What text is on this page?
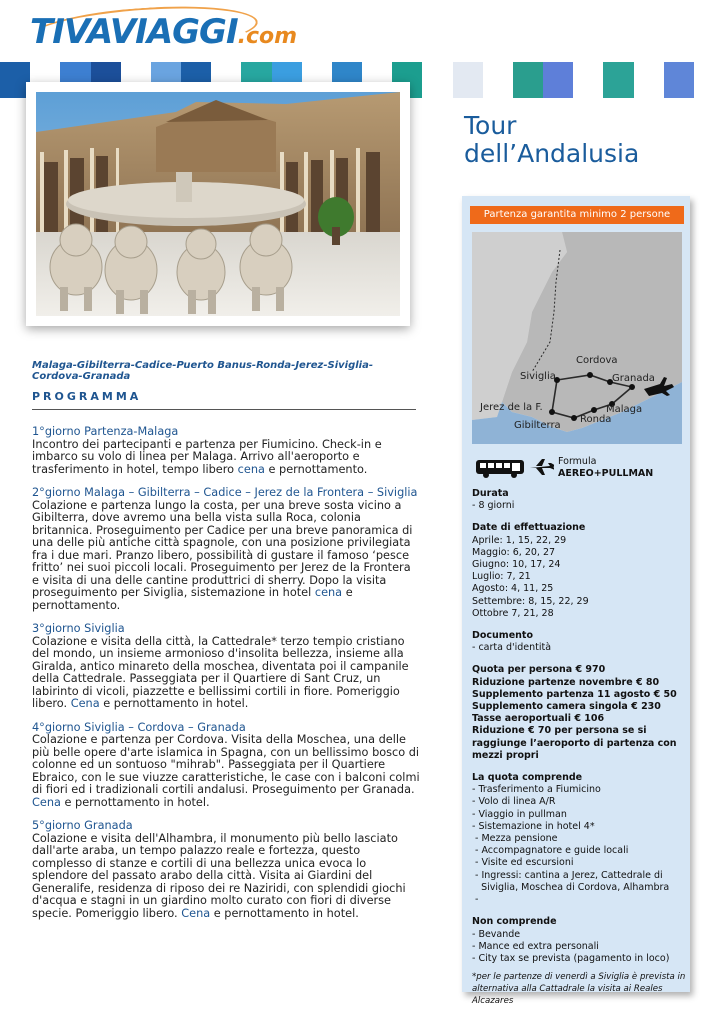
TIVAVIAGGI.com
Tour
dell’Andalusia
Malaga-Gibilterra-Cadice-Puerto Banus-Ronda-Jerez-Siviglia-Cordova-Granada
PROGRAMMA
1°giorno Partenza-Malaga
Incontro dei partecipanti e partenza per Fiumicino. Check-in e imbarco su volo di linea per Malaga. Arrivo all'aeroporto e trasferimento in hotel, tempo libero cena e pernottamento.
2°giorno Malaga – Gibilterra – Cadice – Jerez de la Frontera – Siviglia
Colazione e partenza lungo la costa, per una breve sosta vicino a Gibilterra, dove avremo una bella vista sulla Roca, colonia britannica. Proseguimento per Cadice per una breve panoramica di una delle più antiche città spagnole, con una posizione privilegiata fra i due mari. Pranzo libero, possibilità di gustare il famoso ‘pesce fritto’ nei suoi piccoli locali. Proseguimento per Jerez de la Frontera e visita di una delle cantine produttrici di sherry. Dopo la visita proseguimento per Siviglia, sistemazione in hotel cena e pernottamento.
3°giorno Siviglia
Colazione e visita della città, la Cattedrale* terzo tempio cristiano del mondo, un insieme armonioso d'insolita bellezza, insieme alla Giralda, antico minareto della moschea, diventata poi il campanile della Cattedrale. Passeggiata per il Quartiere di Sant Cruz, un labirinto di vicoli, piazzette e bellissimi cortili in fiore. Pomeriggio libero. Cena e pernottamento in hotel.
4°giorno Siviglia – Cordova – Granada
Colazione e partenza per Cordova. Visita della Moschea, una delle più belle opere d'arte islamica in Spagna, con un bellissimo bosco di colonne ed un sontuoso "mihrab". Passeggiata per il Quartiere Ebraico, con le sue viuzze caratteristiche, le case con i balconi colmi di fiori ed i tradizionali cortili andalusi. Proseguimento per Granada. Cena e pernottamento in hotel.
5°giorno Granada
Colazione e visita dell'Alhambra, il monumento più bello lasciato dall'arte araba, un tempo palazzo reale e fortezza, questo complesso di stanze e cortili di una bellezza unica evoca lo splendore del passato arabo della città. Visita ai Giardini del Generalife, residenza di riposo dei re Naziridi, con splendidi giochi d'acqua e stagni in un giardino molto curato con fiori di diverse specie. Pomeriggio libero. Cena e pernottamento in hotel.
Partenza garantita minimo 2 persone
Cordova
Siviglia	Granada
Jerez de la F.	Malaga
Ronda
Gibilterra
Formula
AEREO+PULLMAN
Durata
- 8 giorni
Date di effettuazione
Aprile: 1, 15, 22, 29
Maggio: 6, 20, 27
Giugno: 10, 17, 24
Luglio: 7, 21
Agosto: 4, 11, 25
Settembre: 8, 15, 22, 29
Ottobre 7, 21, 28
Documento
- carta d'identità
Quota per persona € 970
Riduzione partenze novembre € 80
Supplemento partenza 11 agosto € 50
Supplemento camera singola € 230
Tasse aeroportuali € 106
Riduzione € 70 per persona se si raggiunge l’aeroporto di partenza con mezzi propri
La quota comprende
- Trasferimento a Fiumicino
- Volo di linea A/R
- Viaggio in pullman
- Sistemazione in hotel 4*
- Mezza pensione
- Accompagnatore e guide locali
- Visite ed escursioni
- Ingressi: cantina a Jerez, Cattedrale di
Siviglia, Moschea di Cordova, Alhambra
-
Non comprende
- Bevande
- Mance ed extra personali
- City tax se prevista (pagamento in loco)
*per le partenze di venerdì a Siviglia è prevista in alternativa alla Cattadrale la visita ai Reales Alcazares
